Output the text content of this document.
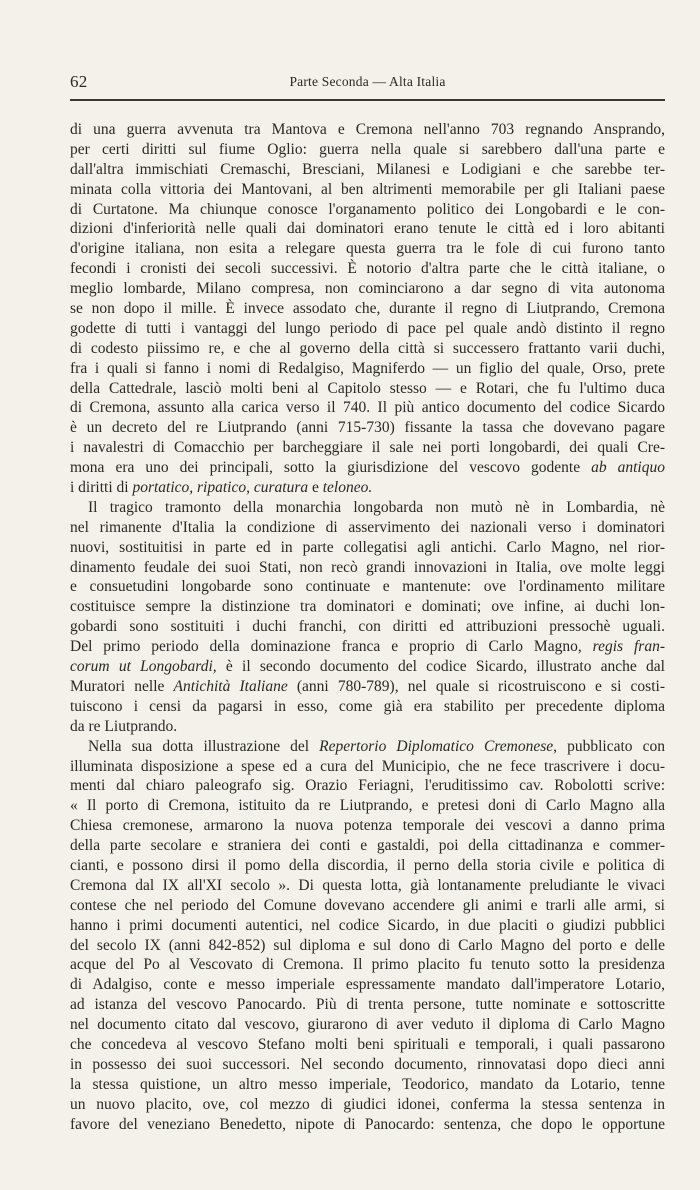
62	Parte Seconda — Alta Italia
di una guerra avvenuta tra Mantova e Cremona nell'anno 703 regnando Ansprando,
per certi diritti sul fiume Oglio: guerra nella quale si sarebbero dall'una parte e
dall'altra immischiati Cremaschi, Bresciani, Milanesi e Lodigiani e che sarebbe ter-
minata colla vittoria dei Mantovani, al ben altrimenti memorabile per gli Italiani paese
di Curtatone. Ma chiunque conosce l'organamento politico dei Longobardi e le con-
dizioni d'inferiorità nelle quali dai dominatori erano tenute le città ed i loro abitanti
d'origine italiana, non esita a relegare questa guerra tra le fole di cui furono tanto
fecondi i cronisti dei secoli successivi. È notorio d'altra parte che le città italiane, o
meglio lombarde, Milano compresa, non cominciarono a dar segno di vita autonoma
se non dopo il mille. È invece assodato che, durante il regno di Liutprando, Cremona
godette di tutti i vantaggi del lungo periodo di pace pel quale andò distinto il regno
di codesto piissimo re, e che al governo della città si successero frattanto varii duchi,
fra i quali si fanno i nomi di Redalgiso, Magniferdo — un figlio del quale, Orso, prete
della Cattedrale, lasciò molti beni al Capitolo stesso — e Rotari, che fu l'ultimo duca
di Cremona, assunto alla carica verso il 740. Il più antico documento del codice Sicardo
è un decreto del re Liutprando (anni 715-730) fissante la tassa che dovevano pagare
i navalestri di Comacchio per barcheggiare il sale nei porti longobardi, dei quali Cre-
mona era uno dei principali, sotto la giurisdizione del vescovo godente ab antiquo
i diritti di portatico, ripatico, curatura e teloneo.
Il tragico tramonto della monarchia longobarda non mutò nè in Lombardia, nè
nel rimanente d'Italia la condizione di asservimento dei nazionali verso i dominatori
nuovi, sostituitisi in parte ed in parte collegatisi agli antichi. Carlo Magno, nel rior-
dinamento feudale dei suoi Stati, non recò grandi innovazioni in Italia, ove molte leggi
e consuetudini longobarde sono continuate e mantenute: ove l'ordinamento militare
costituisce sempre la distinzione tra dominatori e dominati; ove infine, ai duchi lon-
gobardi sono sostituiti i duchi franchi, con diritti ed attribuzioni pressochè uguali.
Del primo periodo della dominazione franca e proprio di Carlo Magno, regis fran-
corum ut Longobardi, è il secondo documento del codice Sicardo, illustrato anche dal
Muratori nelle Antichità Italiane (anni 780-789), nel quale si ricostruiscono e si costi-
tuiscono i censi da pagarsi in esso, come già era stabilito per precedente diploma
da re Liutprando.
Nella sua dotta illustrazione del Repertorio Diplomatico Cremonese, pubblicato con
illuminata disposizione a spese ed a cura del Municipio, che ne fece trascrivere i docu-
menti dal chiaro paleografo sig. Orazio Feriagni, l'eruditissimo cav. Robolotti scrive:
« Il porto di Cremona, istituito da re Liutprando, e pretesi doni di Carlo Magno alla
Chiesa cremonese, armarono la nuova potenza temporale dei vescovi a danno prima
della parte secolare e straniera dei conti e gastaldi, poi della cittadinanza e commer-
cianti, e possono dirsi il pomo della discordia, il perno della storia civile e politica di
Cremona dal IX all'XI secolo ». Di questa lotta, già lontanamente preludiante le vivaci
contese che nel periodo del Comune dovevano accendere gli animi e trarli alle armi, si
hanno i primi documenti autentici, nel codice Sicardo, in due placiti o giudizi pubblici
del secolo IX (anni 842-852) sul diploma e sul dono di Carlo Magno del porto e delle
acque del Po al Vescovato di Cremona. Il primo placito fu tenuto sotto la presidenza
di Adalgiso, conte e messo imperiale espressamente mandato dall'imperatore Lotario,
ad istanza del vescovo Panocardo. Più di trenta persone, tutte nominate e sottoscritte
nel documento citato dal vescovo, giurarono di aver veduto il diploma di Carlo Magno
che concedeva al vescovo Stefano molti beni spirituali e temporali, i quali passarono
in possesso dei suoi successori. Nel secondo documento, rinnovatasi dopo dieci anni
la stessa quistione, un altro messo imperiale, Teodorico, mandato da Lotario, tenne
un nuovo placito, ove, col mezzo di giudici idonei, conferma la stessa sentenza in
favore del veneziano Benedetto, nipote di Panocardo: sentenza, che dopo le opportune
